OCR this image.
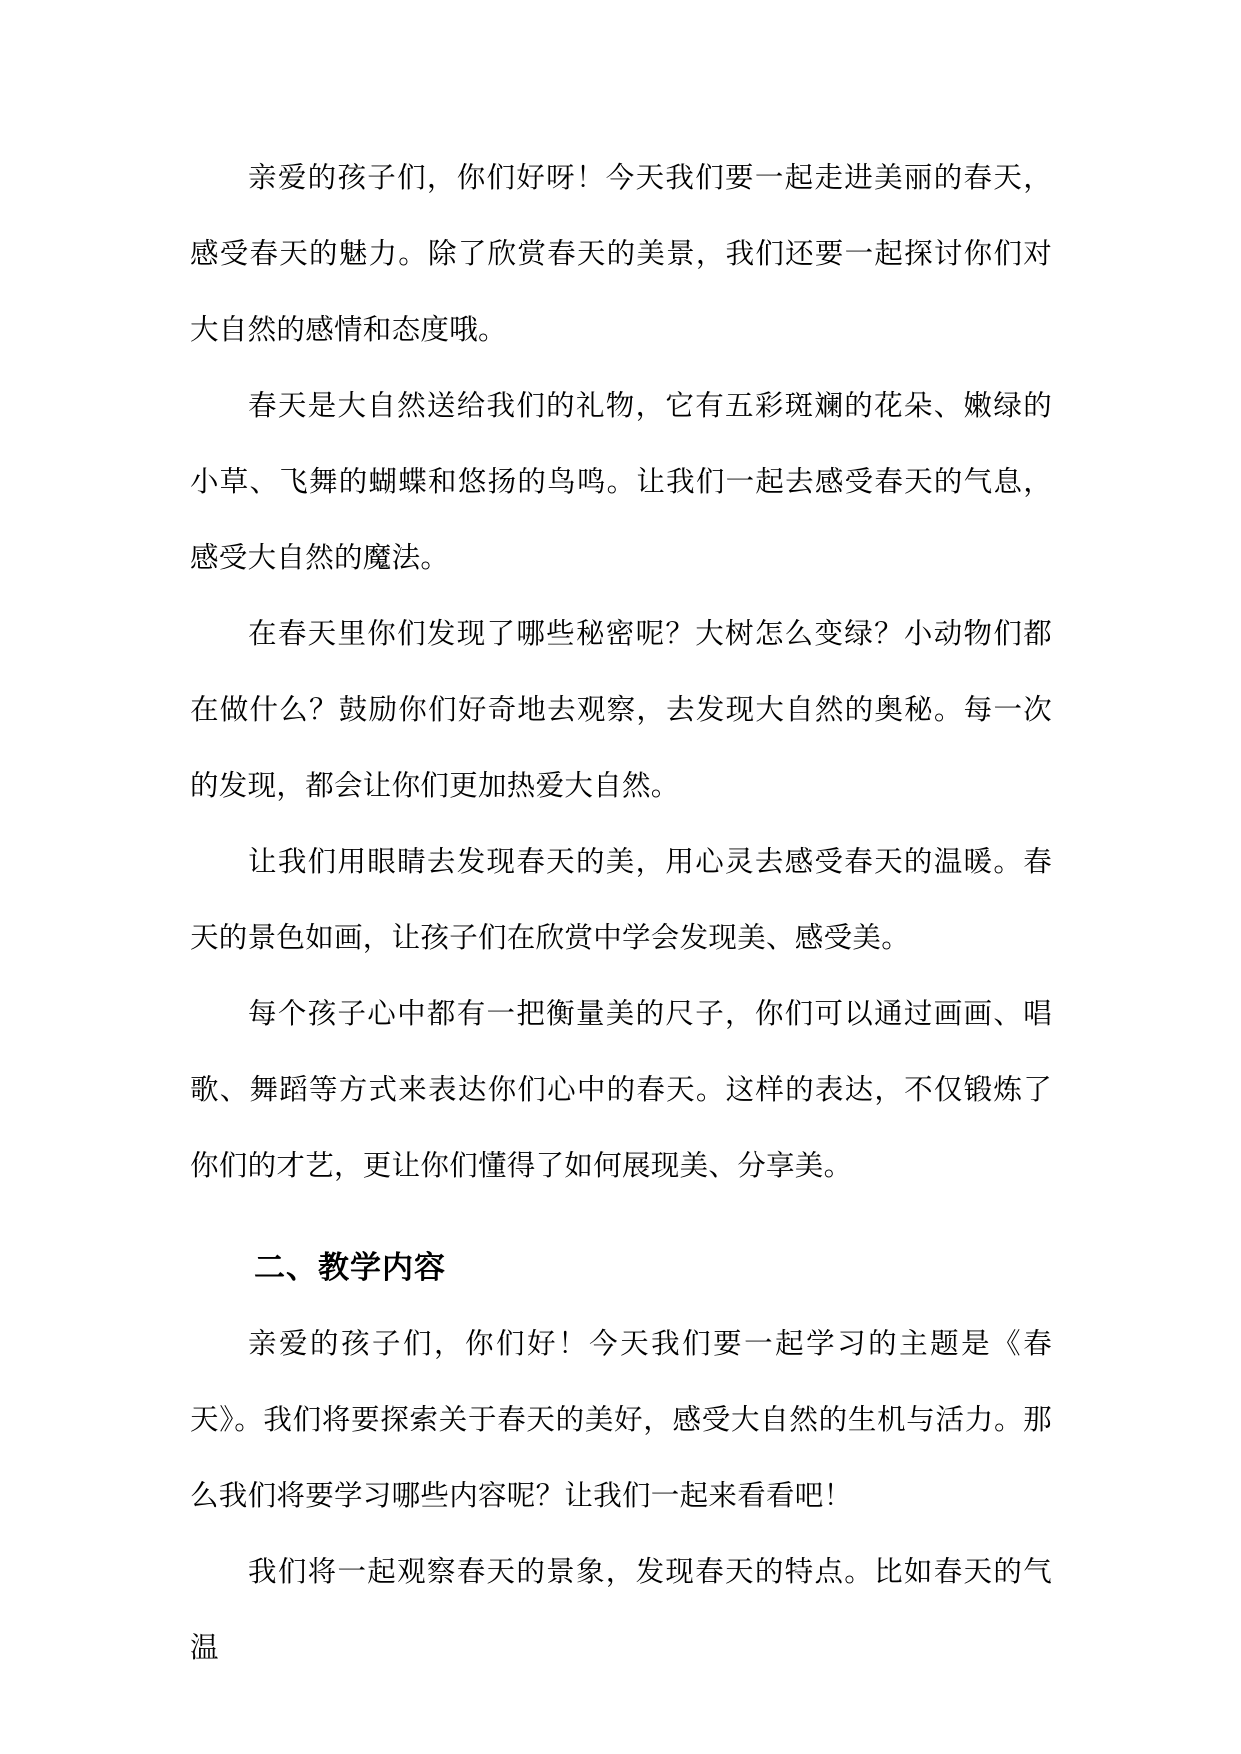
亲爱的孩子们，你们好呀！今天我们要一起走进美丽的春天，感受春天的魅力。除了欣赏春天的美景，我们还要一起探讨你们对大自然的感情和态度哦。

春天是大自然送给我们的礼物，它有五彩斑斓的花朵、嫩绿的小草、飞舞的蝴蝶和悠扬的鸟鸣。让我们一起去感受春天的气息，感受大自然的魔法。

在春天里你们发现了哪些秘密呢？大树怎么变绿？小动物们都在做什么？鼓励你们好奇地去观察，去发现大自然的奥秘。每一次的发现，都会让你们更加热爱大自然。

让我们用眼睛去发现春天的美，用心灵去感受春天的温暖。春天的景色如画，让孩子们在欣赏中学会发现美、感受美。

每个孩子心中都有一把衡量美的尺子，你们可以通过画画、唱歌、舞蹈等方式来表达你们心中的春天。这样的表达，不仅锻炼了你们的才艺，更让你们懂得了如何展现美、分享美。

二、教学内容

亲爱的孩子们，你们好！今天我们要一起学习的主题是《春天》。我们将要探索关于春天的美好，感受大自然的生机与活力。那么我们将要学习哪些内容呢？让我们一起来看看吧！

我们将一起观察春天的景象，发现春天的特点。比如春天的气温
